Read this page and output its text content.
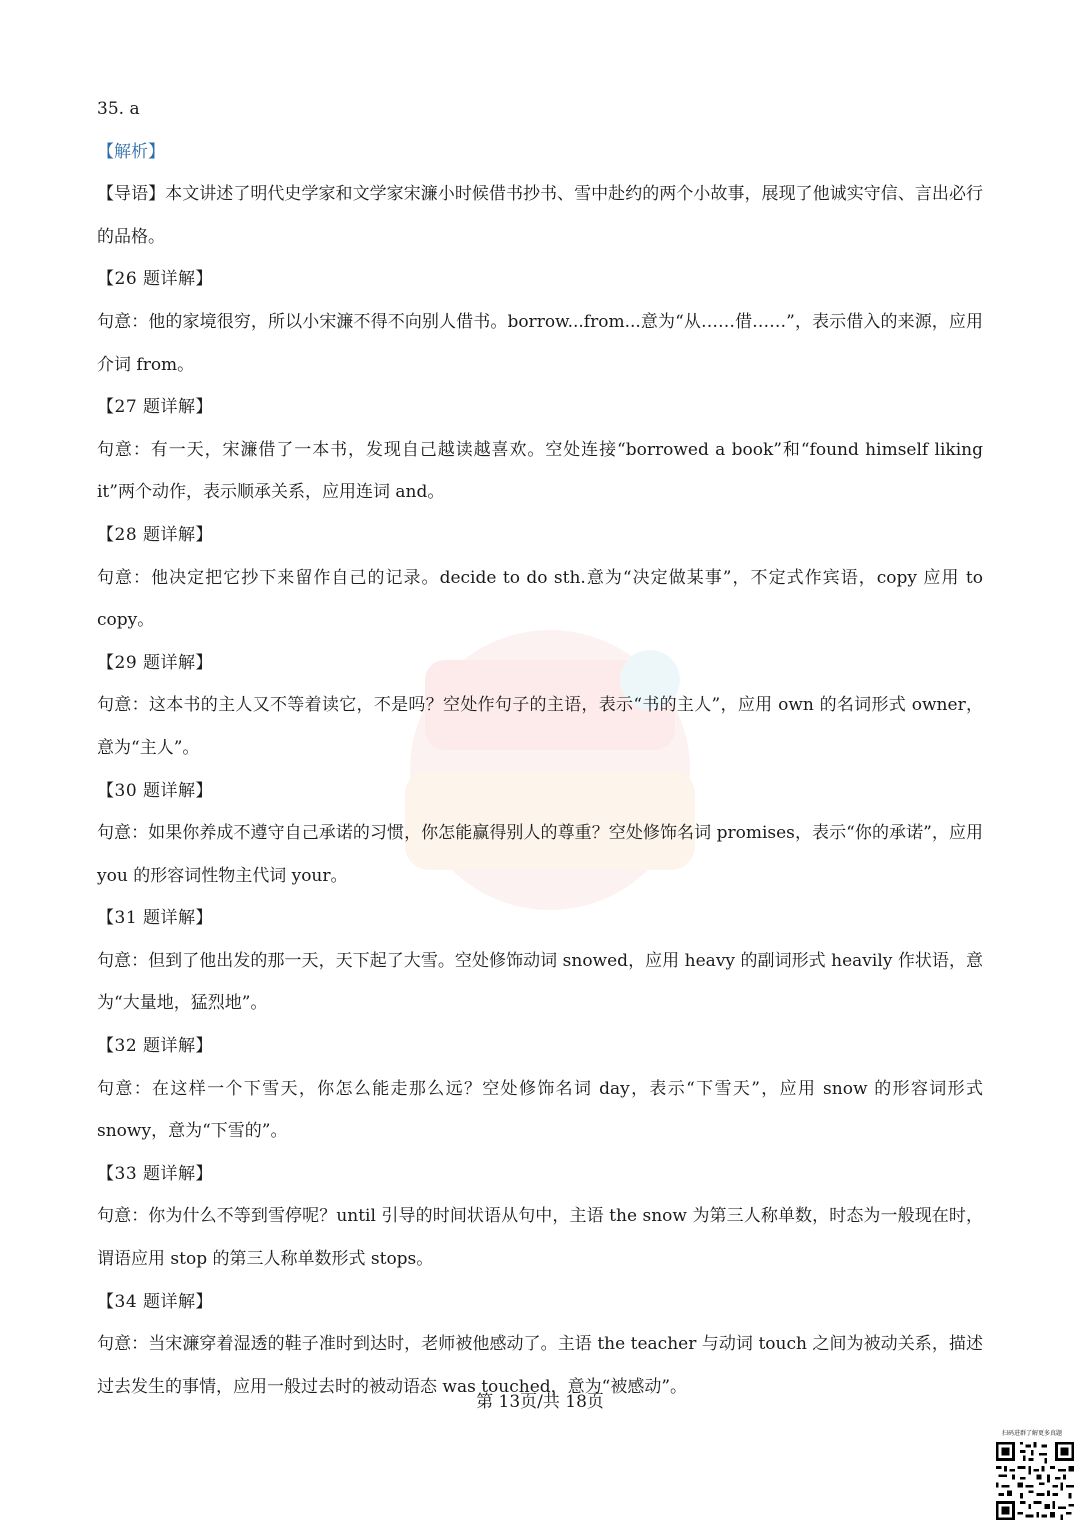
35. a
【解析】

【导语】本文讲述了明代史学家和文学家宋濂小时候借书抄书、雪中赴约的两个小故事，展现了他诚实守信、言出必行的品格。

【26 题详解】

句意：他的家境很穷，所以小宋濂不得不向别人借书。borrow...from...意为“从……借……”，表示借入的来源，应用介词 from。

【27 题详解】

句意：有一天，宋濂借了一本书，发现自己越读越喜欢。空处连接“borrowed a book”和“found himself liking it”两个动作，表示顺承关系，应用连词 and。

【28 题详解】

句意：他决定把它抄下来留作自己的记录。decide to do sth.意为“决定做某事”，不定式作宾语，copy 应用 to copy。

【29 题详解】

句意：这本书的主人又不等着读它，不是吗？空处作句子的主语，表示“书的主人”，应用 own 的名词形式 owner，意为“主人”。

【30 题详解】

句意：如果你养成不遵守自己承诺的习惯，你怎能赢得别人的尊重？空处修饰名词 promises，表示“你的承诺”，应用 you 的形容词性物主代词 your。

【31 题详解】

句意：但到了他出发的那一天，天下起了大雪。空处修饰动词 snowed，应用 heavy 的副词形式 heavily 作状语，意为“大量地，猛烈地”。

【32 题详解】

句意：在这样一个下雪天，你怎么能走那么远？空处修饰名词 day，表示“下雪天”，应用 snow 的形容词形式 snowy，意为“下雪的”。

【33 题详解】

句意：你为什么不等到雪停呢？until 引导的时间状语从句中，主语 the snow 为第三人称单数，时态为一般现在时，谓语应用 stop 的第三人称单数形式 stops。

【34 题详解】

句意：当宋濂穿着湿透的鞋子准时到达时，老师被他感动了。主语 the teacher 与动词 touch 之间为被动关系，描述过去发生的事情，应用一般过去时的被动语态 was touched，意为“被感动”。

第 13页/共 18页
扫码进群了解更多真题
